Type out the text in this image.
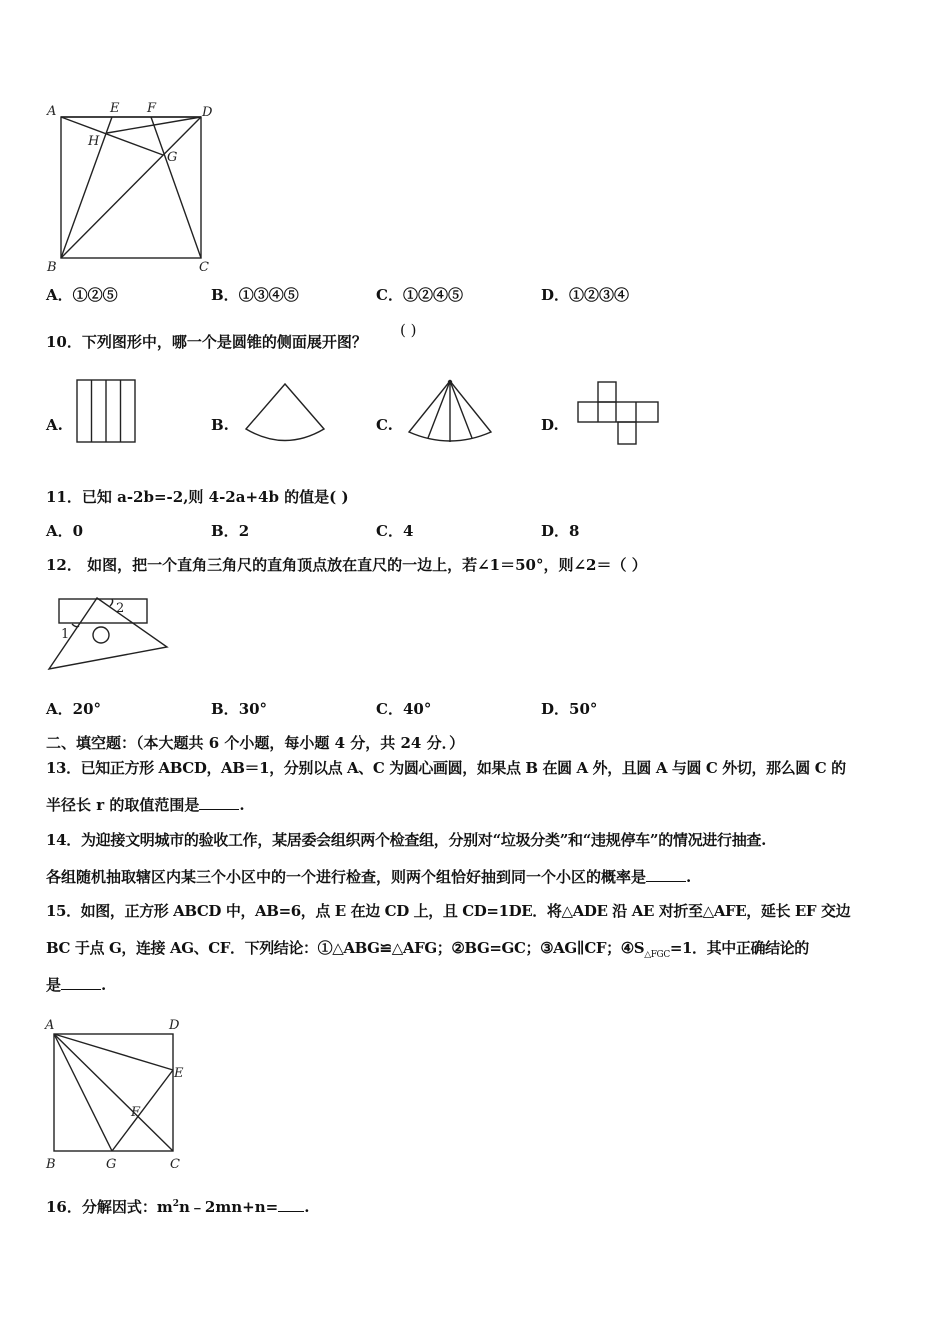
A	E F	D
H
G
B	C
A．①②⑤	B．①③④⑤	C．①②④⑤	D．①②③④
10．下列图形中，哪一个是圆锥的侧面展开图？
( )
A.	B.	C.	D.
11．已知 a-2b=-2,则 4-2a+4b 的值是( )
A．0	B．2	C．4	D．8
12． 如图，把一个直角三角尺的直角顶点放在直尺的一边上，若∠1＝50°，则∠2＝（ ）
1
2
A．20°	B．30°	C．40°	D．50°
二、填空题：（本大题共 6 个小题，每小题 4 分，共 24 分．）
13．已知正方形 ABCD，AB＝1，分别以点 A、C 为圆心画圆，如果点 B 在圆 A 外，且圆 A 与圆 C 外切，那么圆 C 的
半径长 r 的取值范围是	.
14．为迎接文明城市的验收工作，某居委会组织两个检查组，分别对“垃圾分类”和“违规停车”的情况进行抽查.
各组随机抽取辖区内某三个小区中的一个进行检查，则两个组恰好抽到同一个小区的概率是	.
15．如图，正方形 ABCD 中，AB=6，点 E 在边 CD 上，且 CD=1DE．将△ADE 沿 AE 对折至△AFE，延长 EF 交边
BC 于点 G，连接 AG、CF．下列结论：①△ABG≌△AFG；②BG=GC；③AG∥CF；$④S_{\triangle FGC}=1$．其中正确结论的
是	.
A	D
E
F
B	G	C
16．分解因式：$m^2n﹣2mn+n=$ .
